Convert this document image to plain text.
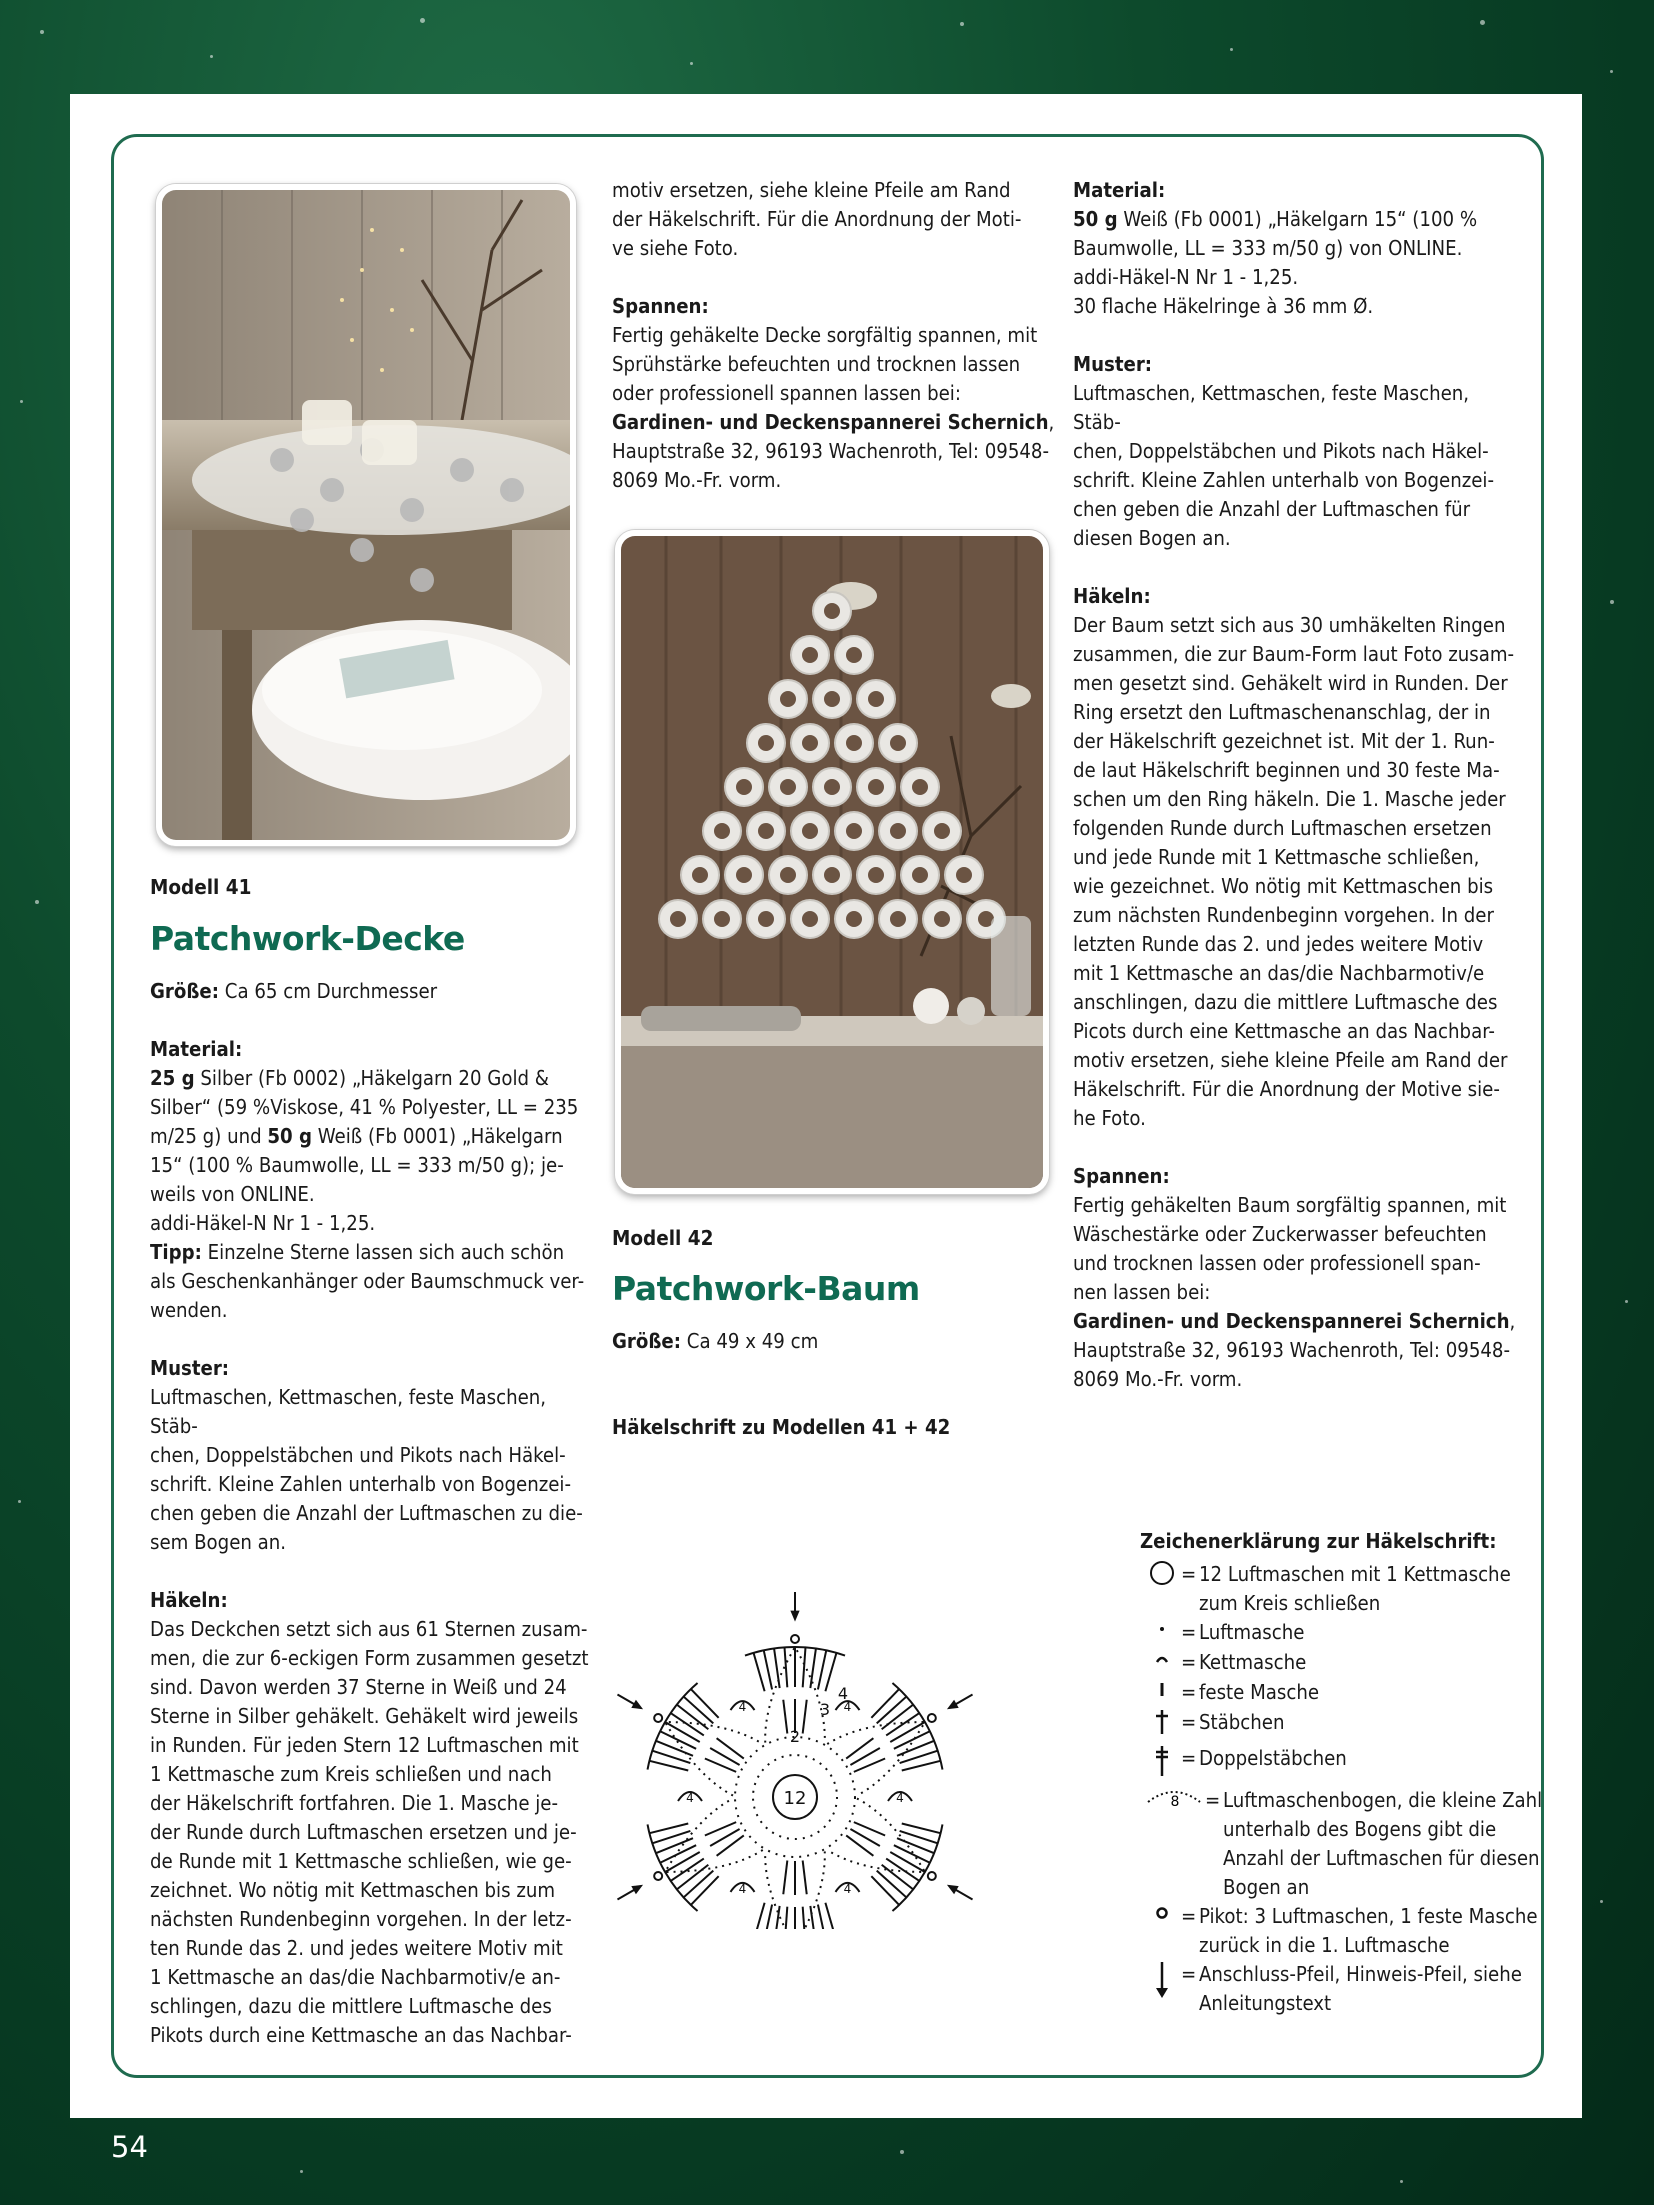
Modell 41

Patchwork-Decke

Größe: Ca 65 cm Durchmesser

Material:

25 g Silber (Fb 0002) „Häkelgarn 20 Gold &

Silber“ (59 %Viskose, 41 % Polyester, LL = 235

m/25 g) und 50 g Weiß (Fb 0001) „Häkelgarn

15“ (100 % Baumwolle, LL = 333 m/50 g); je-

weils von ONLINE.

addi-Häkel-N Nr 1 - 1,25.

Tipp: Einzelne Sterne lassen sich auch schön

als Geschenkanhänger oder Baumschmuck ver-

wenden.

Muster:

Luftmaschen, Kettmaschen, feste Maschen, Stäb-

chen, Doppelstäbchen und Pikots nach Häkel-

schrift. Kleine Zahlen unterhalb von Bogenzei-

chen geben die Anzahl der Luftmaschen zu die-

sem Bogen an.

Häkeln:

Das Deckchen setzt sich aus 61 Sternen zusam-

men, die zur 6-eckigen Form zusammen gesetzt

sind. Davon werden 37 Sterne in Weiß und 24

Sterne in Silber gehäkelt. Gehäkelt wird jeweils

in Runden. Für jeden Stern 12 Luftmaschen mit

1 Kettmasche zum Kreis schließen und nach

der Häkelschrift fortfahren. Die 1. Masche je-

der Runde durch Luftmaschen ersetzen und je-

de Runde mit 1 Kettmasche schließen, wie ge-

zeichnet. Wo nötig mit Kettmaschen bis zum

nächsten Rundenbeginn vorgehen. In der letz-

ten Runde das 2. und jedes weitere Motiv mit

1 Kettmasche an das/die Nachbarmotiv/e an-

schlingen, dazu die mittlere Luftmasche des

Pikots durch eine Kettmasche an das Nachbar-

motiv ersetzen, siehe kleine Pfeile am Rand

der Häkelschrift. Für die Anordnung der Moti-

ve siehe Foto.

Spannen:

Fertig gehäkelte Decke sorgfältig spannen, mit

Sprühstärke befeuchten und trocknen lassen

oder professionell spannen lassen bei:

Gardinen- und Deckenspannerei Schernich,

Hauptstraße 32, 96193 Wachenroth, Tel: 09548-

8069 Mo.-Fr. vorm.

Modell 42

Patchwork-Baum

Größe: Ca 49 x 49 cm

Häkelschrift zu Modellen 41 + 42

12
2
3 4
4
4
4
4
4
4

Material:

50 g Weiß (Fb 0001) „Häkelgarn 15“ (100 %

Baumwolle, LL = 333 m/50 g) von ONLINE.

addi-Häkel-N Nr 1 - 1,25.

30 flache Häkelringe à 36 mm Ø.

Muster:

Luftmaschen, Kettmaschen, feste Maschen, Stäb-

chen, Doppelstäbchen und Pikots nach Häkel-

schrift. Kleine Zahlen unterhalb von Bogenzei-

chen geben die Anzahl der Luftmaschen für

diesen Bogen an.

Häkeln:

Der Baum setzt sich aus 30 umhäkelten Ringen

zusammen, die zur Baum-Form laut Foto zusam-

men gesetzt sind. Gehäkelt wird in Runden. Der

Ring ersetzt den Luftmaschenanschlag, der in

der Häkelschrift gezeichnet ist. Mit der 1. Run-

de laut Häkelschrift beginnen und 30 feste Ma-

schen um den Ring häkeln. Die 1. Masche jeder

folgenden Runde durch Luftmaschen ersetzen

und jede Runde mit 1 Kettmasche schließen,

wie gezeichnet. Wo nötig mit Kettmaschen bis

zum nächsten Rundenbeginn vorgehen. In der

letzten Runde das 2. und jedes weitere Motiv

mit 1 Kettmasche an das/die Nachbarmotiv/e

anschlingen, dazu die mittlere Luftmasche des

Picots durch eine Kettmasche an das Nachbar-

motiv ersetzen, siehe kleine Pfeile am Rand der

Häkelschrift. Für die Anordnung der Motive sie-

he Foto.

Spannen:

Fertig gehäkelten Baum sorgfältig spannen, mit

Wäschestärke oder Zuckerwasser befeuchten

und trocknen lassen oder professionell span-

nen lassen bei:

Gardinen- und Deckenspannerei Schernich,

Hauptstraße 32, 96193 Wachenroth, Tel: 09548-

8069 Mo.-Fr. vorm.

Zeichenerklärung zur Häkelschrift:

= 12 Luftmaschen mit 1 Kettmasche
zum Kreis schließen
= Luftmasche
= Kettmasche
= feste Masche
= Stäbchen
= Doppelstäbchen
8 = Luftmaschenbogen, die kleine Zahl
unterhalb des Bogens gibt die
Anzahl der Luftmaschen für diesen
Bogen an
= Pikot: 3 Luftmaschen, 1 feste Masche
zurück in die 1. Luftmasche
= Anschluss-Pfeil, Hinweis-Pfeil, siehe
Anleitungstext
54
